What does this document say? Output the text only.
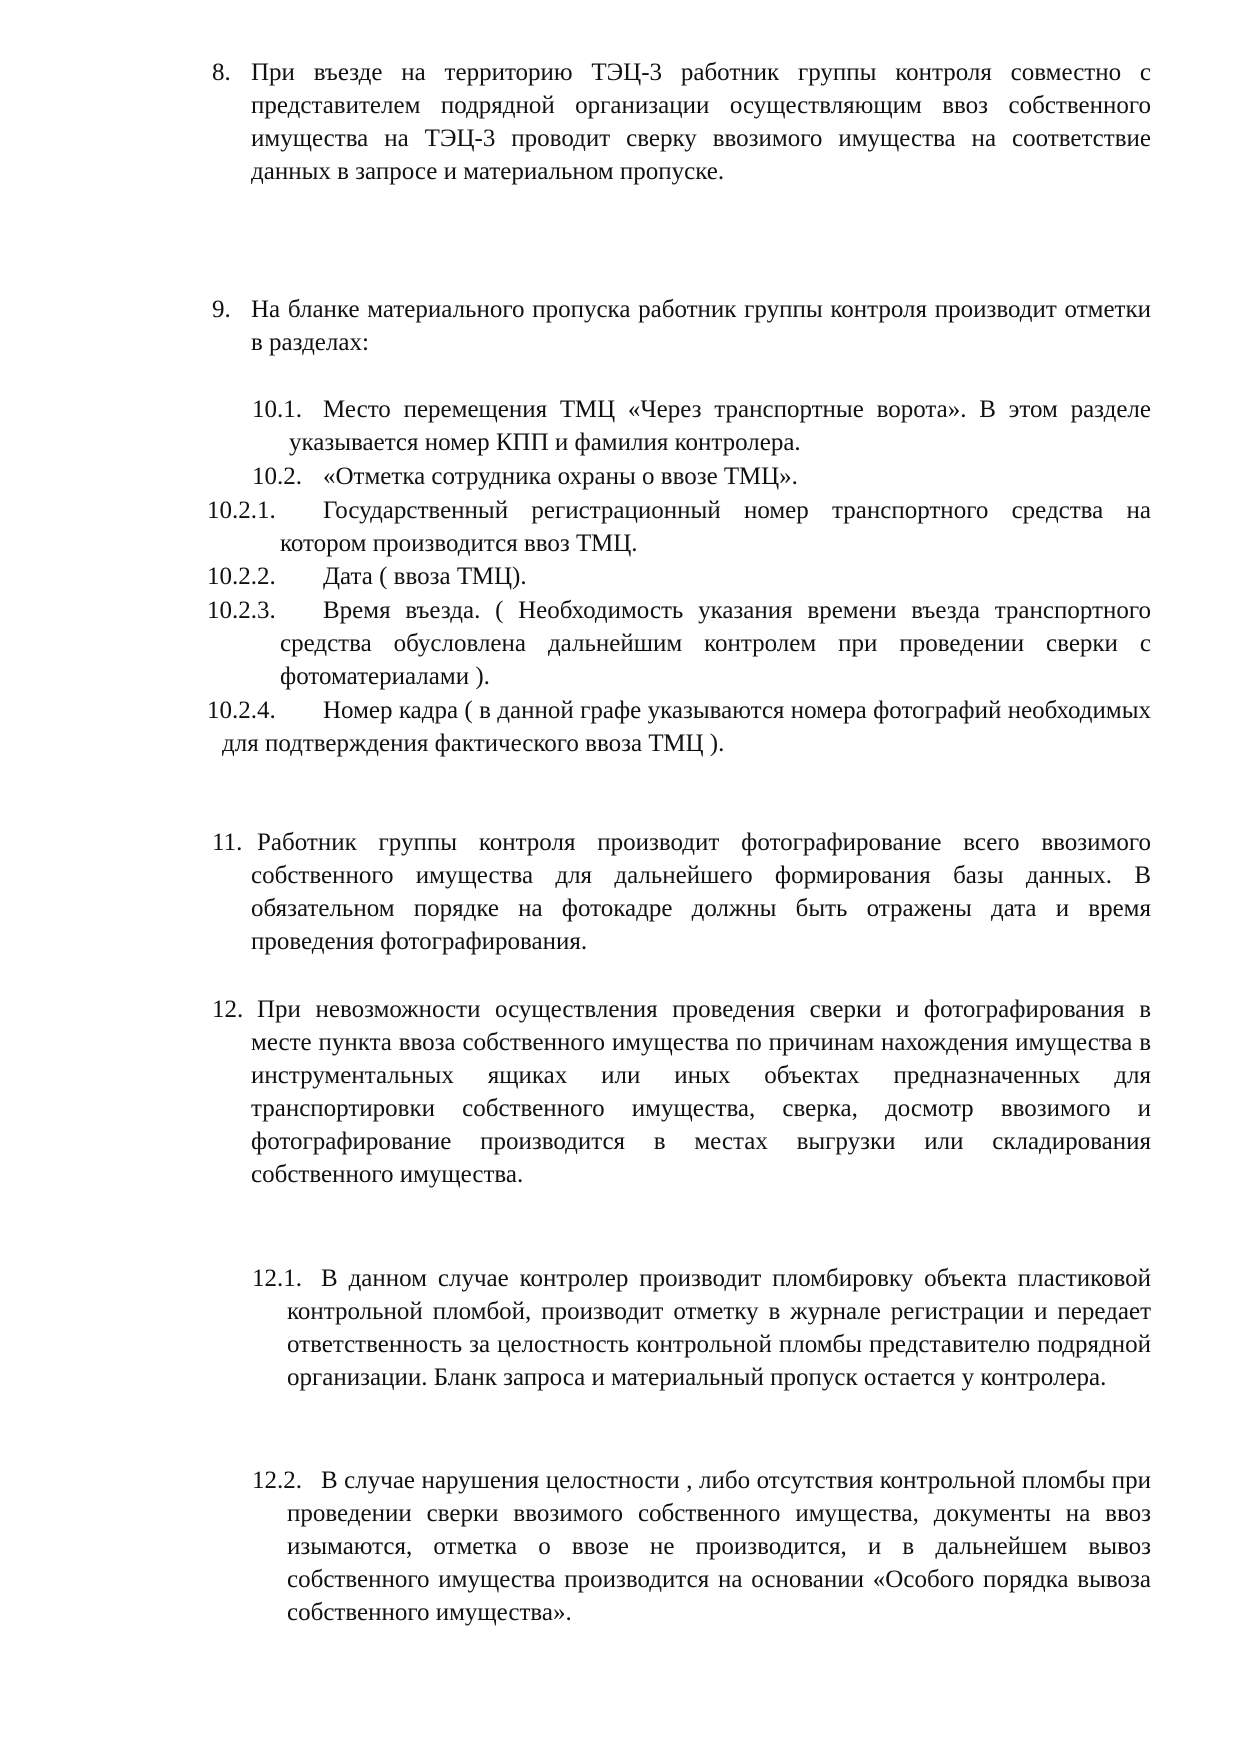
8. При въезде на территорию ТЭЦ-3 работник группы контроля совместно с представителем подрядной организации осуществляющим ввоз собственного имущества на ТЭЦ-3 проводит сверку ввозимого имущества на соответствие данных в запросе и материальном пропуске.
9. На бланке материального пропуска работник группы контроля производит отметки в разделах:
10.1. Место перемещения ТМЦ «Через транспортные ворота». В этом разделе указывается номер КПП и фамилия контролера.
10.2. «Отметка сотрудника охраны о ввозе ТМЦ».
10.2.1.	Государственный регистрационный номер транспортного средства на котором производится ввоз ТМЦ.
10.2.2. Дата ( ввоза ТМЦ).
10.2.3.	Время въезда. ( Необходимость указания времени въезда транспортного средства обусловлена дальнейшим контролем при проведении сверки с фотоматериалами ).
10.2.4.	Номер кадра ( в данной графе указываются номера фотографий необходимых для подтверждения фактического ввоза ТМЦ ).
11. Работник группы контроля производит фотографирование всего ввозимого собственного имущества для дальнейшего формирования базы данных. В обязательном порядке на фотокадре должны быть отражены дата и время проведения фотографирования.
12. При невозможности осуществления проведения сверки и фотографирования в месте пункта ввоза собственного имущества по причинам нахождения имущества в инструментальных ящиках или иных объектах предназначенных для транспортировки собственного имущества, сверка, досмотр ввозимого и фотографирование производится в местах выгрузки или складирования собственного имущества.
12.1. В данном случае контролер производит пломбировку объекта пластиковой контрольной пломбой, производит отметку в журнале регистрации и передает ответственность за целостность контрольной пломбы представителю подрядной организации. Бланк запроса и материальный пропуск остается у контролера.
12.2. В случае нарушения целостности , либо отсутствия контрольной пломбы при проведении сверки ввозимого собственного имущества, документы на ввоз изымаются, отметка о ввозе не производится, и в дальнейшем вывоз собственного имущества производится на основании «Особого порядка вывоза собственного имущества».
